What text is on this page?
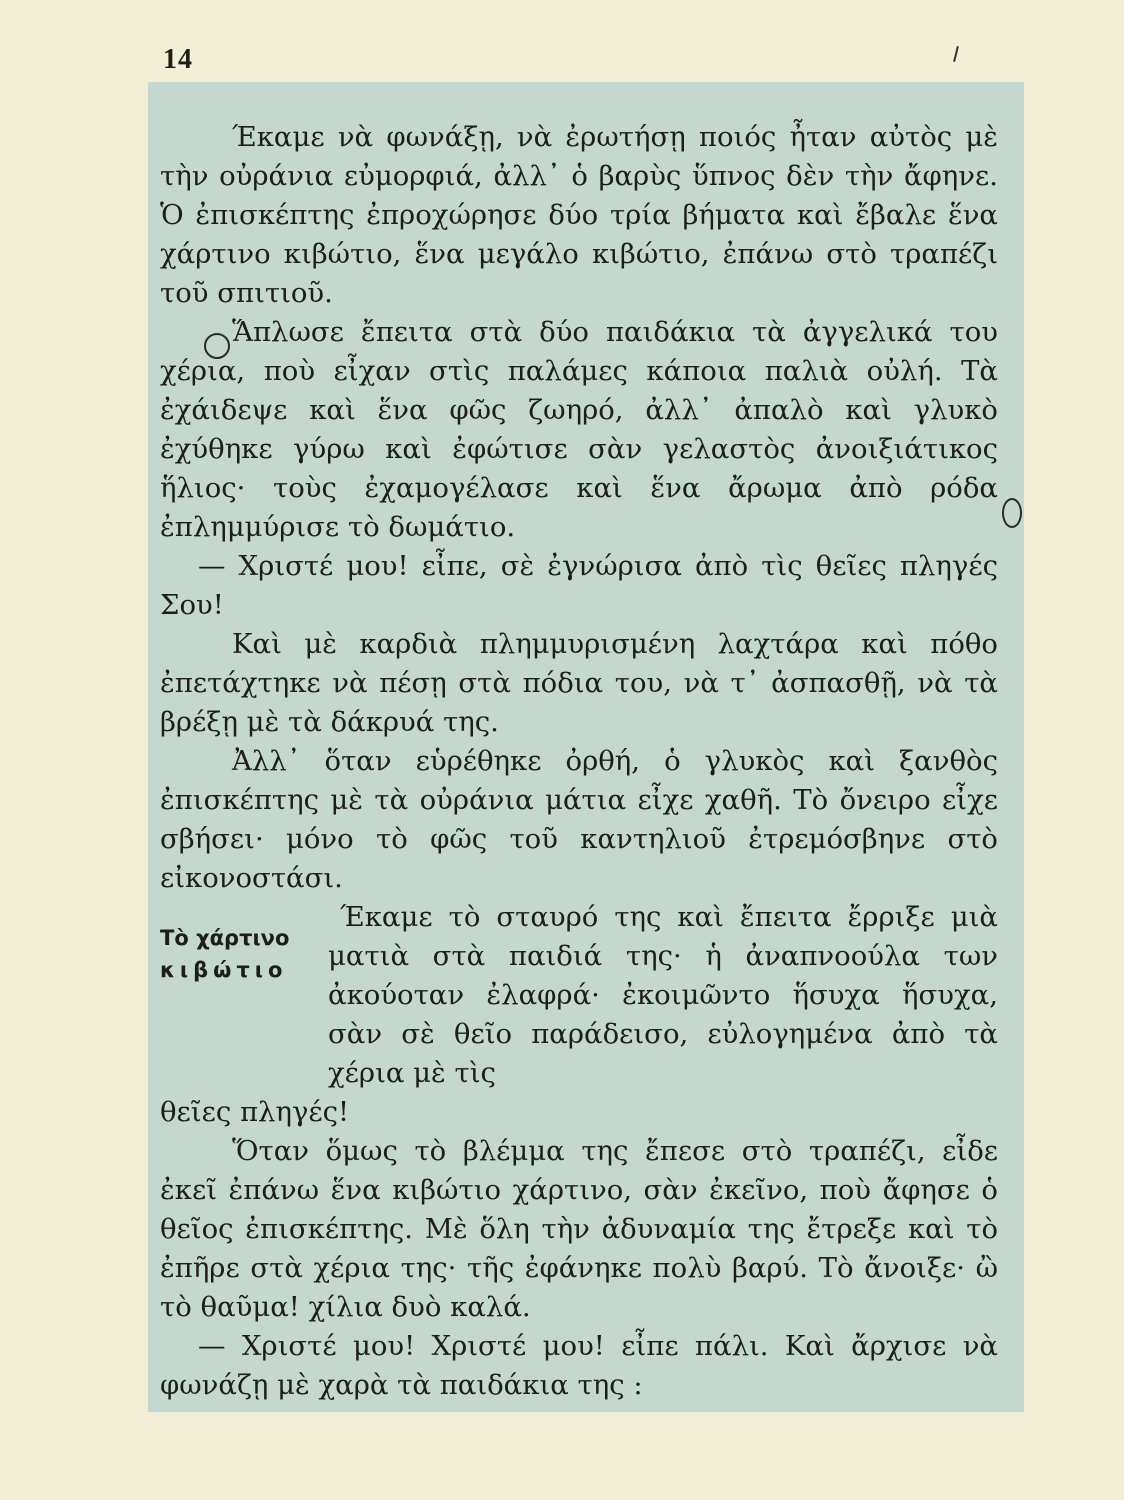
14

Έκαμε νὰ φωνάξῃ, νὰ ἐρωτήσῃ ποιός ἦταν αὐτὸς μὲ τὴν οὐράνια εὐμορφιά, ἀλλ᾽ ὁ βαρὺς ὕπνος δὲν τὴν ἄφηνε. Ὁ ἐπισκέπτης ἐπροχώρησε δύο τρία βήματα καὶ ἔβαλε ἕνα χάρτινο κιβώτιο, ἕνα μεγάλο κιβώτιο, ἐπάνω στὸ τραπέζι τοῦ σπιτιοῦ.

Ἅπλωσε ἔπειτα στὰ δύο παιδάκια τὰ ἀγγελικά του χέρια, ποὺ εἶχαν στὶς παλάμες κάποια παλιὰ οὐλή. Τὰ ἐχάιδεψε καὶ ἕνα φῶς ζωηρό, ἀλλ᾽ ἀπαλὸ καὶ γλυκὸ ἐχύθηκε γύρω καὶ ἐφώτισε σὰν γελαστὸς ἀνοιξιάτικος ἥλιος· τοὺς ἐχαμογέλασε καὶ ἕνα ἄρωμα ἀπὸ ρόδα ἐπλημμύρισε τὸ δωμάτιο.

— Χριστέ μου! εἶπε, σὲ ἐγνώρισα ἀπὸ τὶς θεῖες πληγές Σου!

Καὶ μὲ καρδιὰ πλημμυρισμένη λαχτάρα καὶ πόθο ἐπετάχτηκε νὰ πέσῃ στὰ πόδια του, νὰ τ᾽ ἀσπασθῇ, νὰ τὰ βρέξῃ μὲ τὰ δάκρυά της.

Ἀλλ᾽ ὅταν εὑρέθηκε ὀρθή, ὁ γλυκὸς καὶ ξανθὸς ἐπισκέπτης μὲ τὰ οὐράνια μάτια εἶχε χαθῆ. Τὸ ὄνειρο εἶχε σβήσει· μόνο τὸ φῶς τοῦ καντηλιοῦ ἐτρεμόσβηνε στὸ εἰκονοστάσι.

Τὸ χάρτινο
κιβώτιο

Έκαμε τὸ σταυρό της καὶ ἔπειτα ἔρριξε μιὰ ματιὰ στὰ παιδιά της· ἡ ἀναπνοούλα των ἀκούοταν ἐλαφρά· ἐκοιμῶντο ἥσυχα ἥσυχα, σὰν σὲ θεῖο παράδεισο, εὐλογημένα ἀπὸ τὰ χέρια μὲ τὶς
θεῖες πληγές!

Ὅταν ὅμως τὸ βλέμμα της ἔπεσε στὸ τραπέζι, εἶδε ἐκεῖ ἐπάνω ἕνα κιβώτιο χάρτινο, σὰν ἐκεῖνο, ποὺ ἄφησε ὁ θεῖος ἐπισκέπτης. Μὲ ὅλη τὴν ἀδυναμία της ἔτρεξε καὶ τὸ ἐπῆρε στὰ χέρια της· τῆς ἐφάνηκε πολὺ βαρύ. Τὸ ἄνοιξε· ὢ τὸ θαῦμα! χίλια δυὸ καλά.

— Χριστέ μου! Χριστέ μου! εἶπε πάλι. Καὶ ἄρχισε νὰ φωνάζῃ μὲ χαρὰ τὰ παιδάκια της :
